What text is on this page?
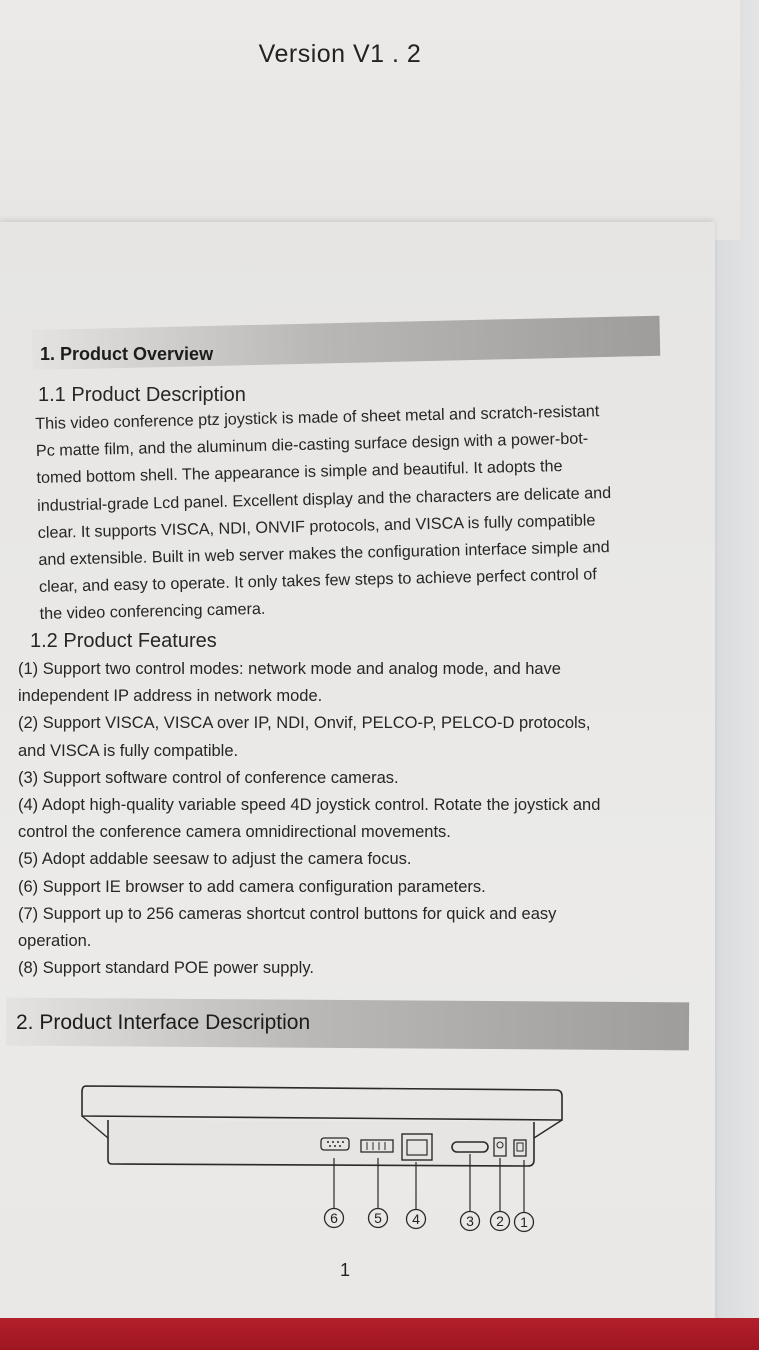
Version V1 . 2
1. Product Overview
1.1 Product Description
This video conference ptz joystick is made of sheet metal and scratch-resistant
Pc matte film, and the aluminum die-casting surface design with a power-bot-
tomed bottom shell. The appearance is simple and beautiful. It adopts the
industrial-grade Lcd panel. Excellent display and the characters are delicate and
clear. It supports VISCA, NDI, ONVIF protocols, and VISCA is fully compatible
and extensible. Built in web server makes the configuration interface simple and
clear, and easy to operate. It only takes few steps to achieve perfect control of
the video conferencing camera.
1.2 Product Features
(1) Support two control modes: network mode and analog mode, and have
independent IP address in network mode.
(2) Support VISCA, VISCA over IP, NDI, Onvif, PELCO-P, PELCO-D protocols,
and VISCA is fully compatible.
(3) Support software control of conference cameras.
(4) Adopt high-quality variable speed 4D joystick control. Rotate the joystick and
control the conference camera omnidirectional movements.
(5) Adopt addable seesaw to adjust the camera focus.
(6) Support IE browser to add camera configuration parameters.
(7) Support up to 256 cameras shortcut control buttons for quick and easy
operation.
(8) Support standard POE power supply.
2. Product Interface Description
6	5 4	3 2 1
1
